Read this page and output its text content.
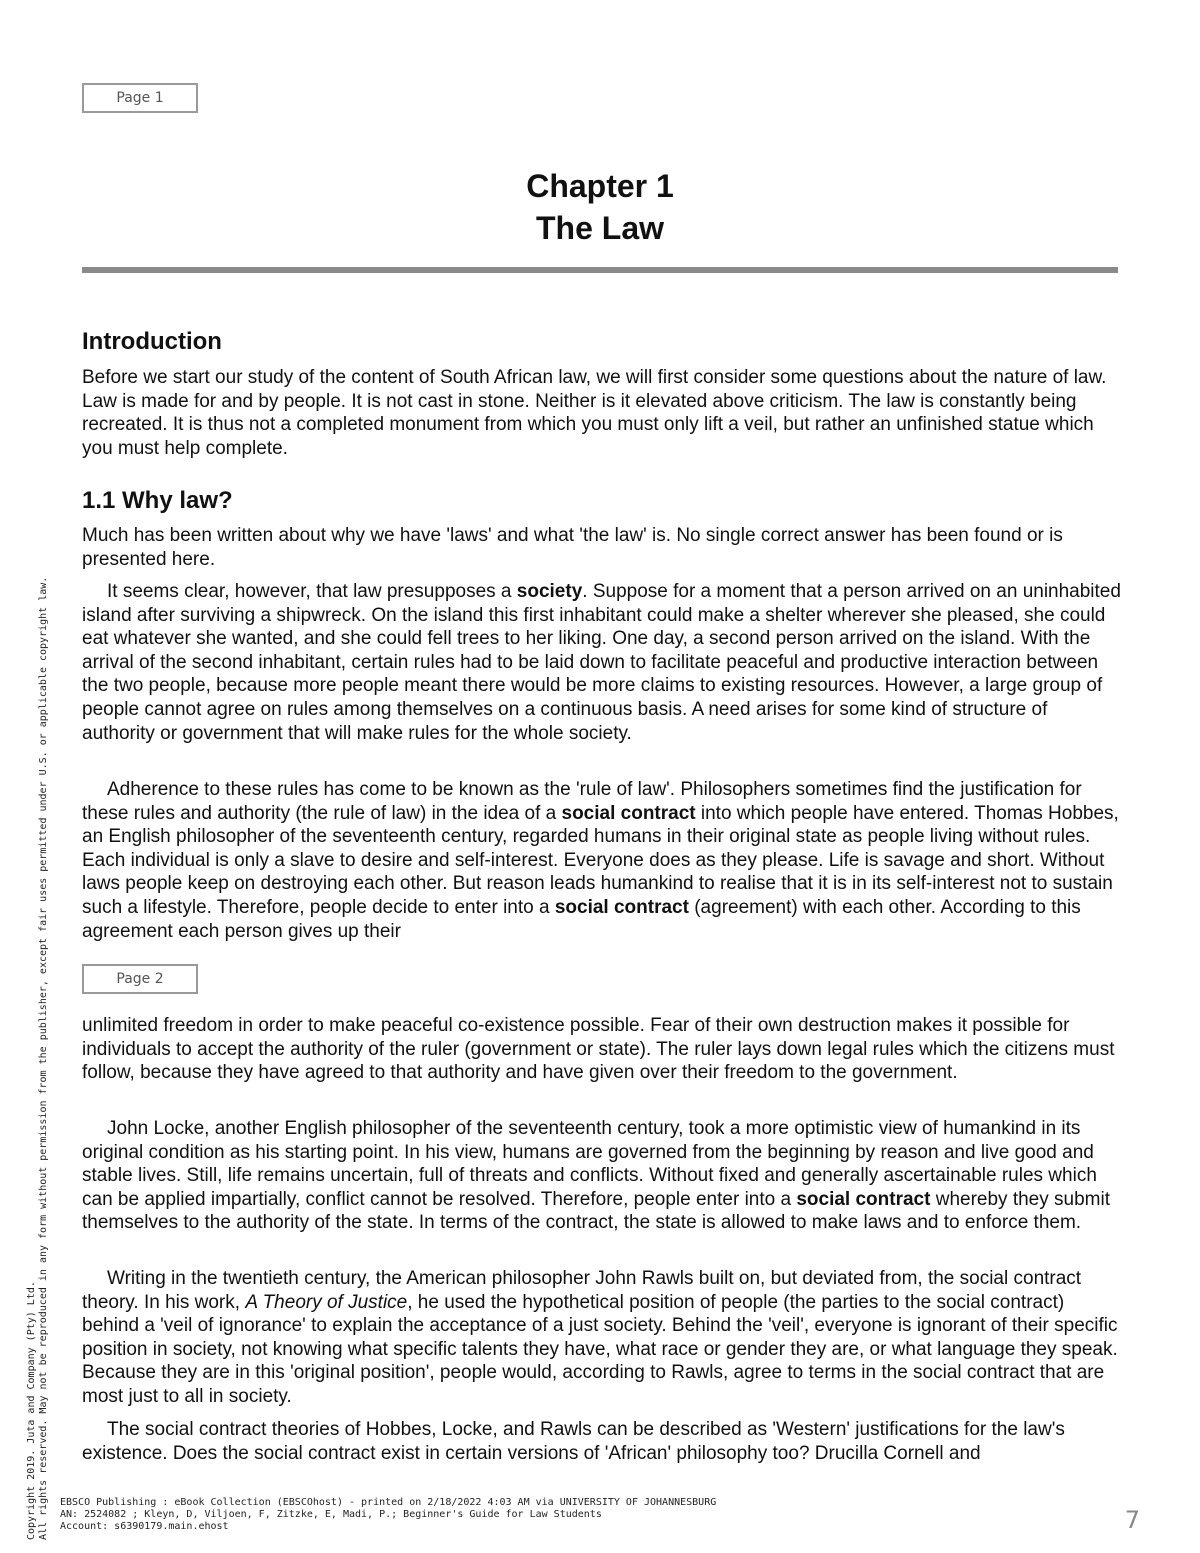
Page 1
Chapter 1
The Law
Introduction

Before we start our study of the content of South African law, we will first consider some questions about the nature of law. Law is made for and by people. It is not cast in stone. Neither is it elevated above criticism. The law is constantly being recreated. It is thus not a completed monument from which you must only lift a veil, but rather an unfinished statue which you must help complete.

1.1 Why law?

Much has been written about why we have 'laws' and what 'the law' is. No single correct answer has been found or is presented here.

It seems clear, however, that law presupposes a society. Suppose for a moment that a person arrived on an uninhabited island after surviving a shipwreck. On the island this first inhabitant could make a shelter wherever she pleased, she could eat whatever she wanted, and she could fell trees to her liking. One day, a second person arrived on the island. With the arrival of the second inhabitant, certain rules had to be laid down to facilitate peaceful and productive interaction between the two people, because more people meant there would be more claims to existing resources. However, a large group of people cannot agree on rules among themselves on a continuous basis. A need arises for some kind of structure of authority or government that will make rules for the whole society.

Adherence to these rules has come to be known as the 'rule of law'. Philosophers sometimes find the justification for these rules and authority (the rule of law) in the idea of a social contract into which people have entered. Thomas Hobbes, an English philosopher of the seventeenth century, regarded humans in their original state as people living without rules. Each individual is only a slave to desire and self-interest. Everyone does as they please. Life is savage and short. Without laws people keep on destroying each other. But reason leads humankind to realise that it is in its self-interest not to sustain such a lifestyle. Therefore, people decide to enter into a social contract (agreement) with each other. According to this agreement each person gives up their

Page 2

unlimited freedom in order to make peaceful co-existence possible. Fear of their own destruction makes it possible for individuals to accept the authority of the ruler (government or state). The ruler lays down legal rules which the citizens must follow, because they have agreed to that authority and have given over their freedom to the government.

John Locke, another English philosopher of the seventeenth century, took a more optimistic view of humankind in its original condition as his starting point. In his view, humans are governed from the beginning by reason and live good and stable lives. Still, life remains uncertain, full of threats and conflicts. Without fixed and generally ascertainable rules which can be applied impartially, conflict cannot be resolved. Therefore, people enter into a social contract whereby they submit themselves to the authority of the state. In terms of the contract, the state is allowed to make laws and to enforce them.

Writing in the twentieth century, the American philosopher John Rawls built on, but deviated from, the social contract theory. In his work, A Theory of Justice, he used the hypothetical position of people (the parties to the social contract) behind a 'veil of ignorance' to explain the acceptance of a just society. Behind the 'veil', everyone is ignorant of their specific position in society, not knowing what specific talents they have, what race or gender they are, or what language they speak. Because they are in this 'original position', people would, according to Rawls, agree to terms in the social contract that are most just to all in society.

The social contract theories of Hobbes, Locke, and Rawls can be described as 'Western' justifications for the law's existence. Does the social contract exist in certain versions of 'African' philosophy too? Drucilla Cornell and

Copyright 2019. Juta and Company (Pty) Ltd. All rights reserved. May not be reproduced in any form without permission from the publisher, except fair uses permitted under U.S. or applicable copyright law. EBSCO Publishing : eBook Collection (EBSCOhost) - printed on 2/18/2022 4:03 AM via UNIVERSITY OF JOHANNESBURG
AN: 2524082 ; Kleyn, D, Viljoen, F, Zitzke, E, Madi, P.; Beginner's Guide for Law Students
Account: s6390179.main.ehost	7
